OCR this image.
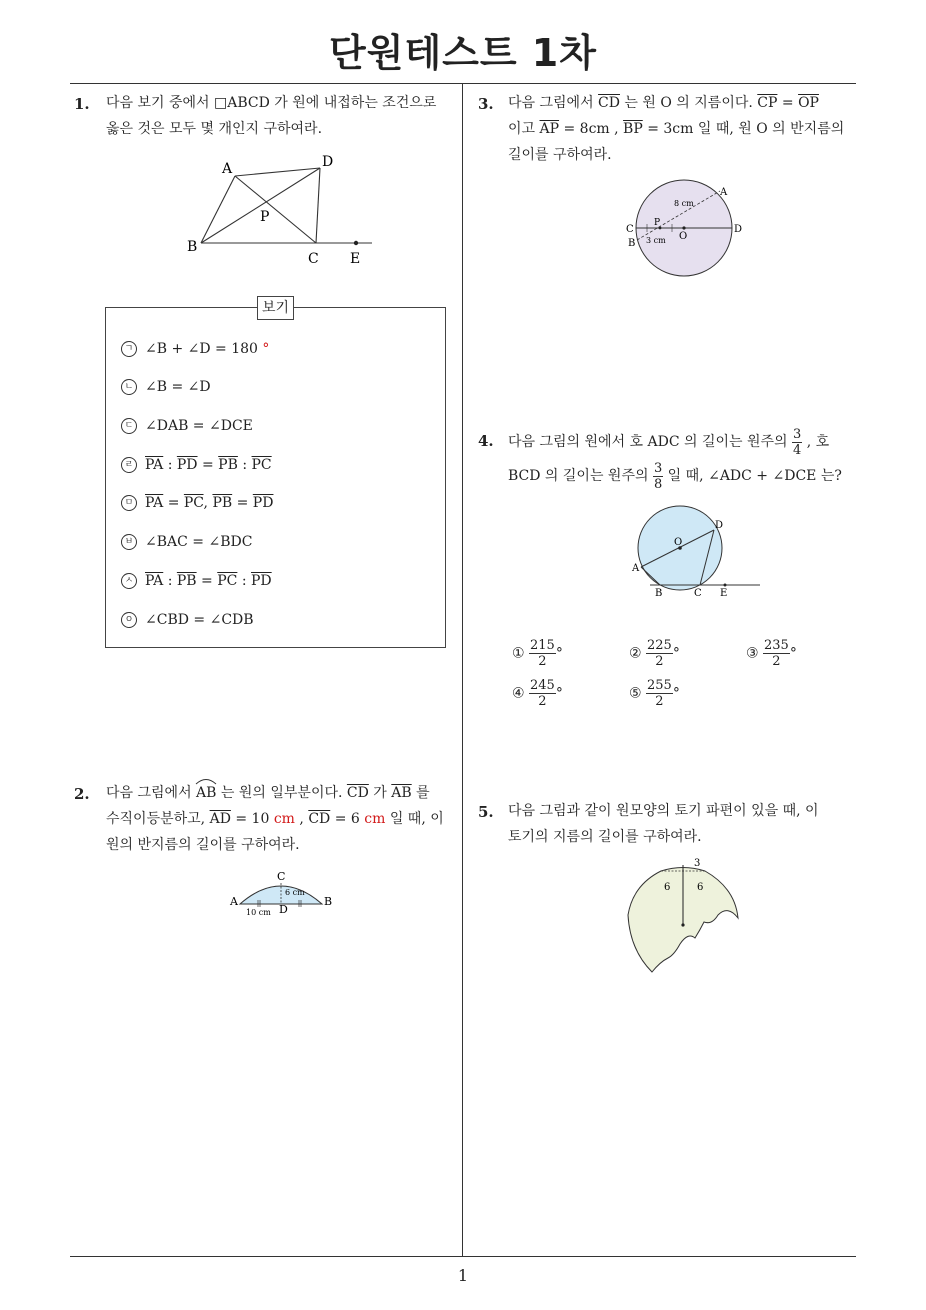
단원테스트 1차
1. 다음 보기 중에서 □ABCD 가 원에 내접하는 조건으로
옳은 것은 모두 몇 개인지 구하여라.
A	D
B
C E
P
보기
ㄱ ∠B + ∠D = 180 °
ㄴ ∠B = ∠D
ㄷ ∠DAB = ∠DCE
ㄹ $\overline{PA}$ : $\overline{PD} = \overline{PB}$ : $\overline{PC}$
ㅁ $\overline{PA} = \overline{PC}$, $\overline{PB} = \overline{PD}$
ㅂ ∠BAC = ∠BDC
ㅅ $\overline{PA}$ : $\overline{PB} = \overline{PC}$ : $\overline{PD}$
ㅇ ∠CBD = ∠CDB
2. 다음 그림에서 AB
는 원의 일부분이다. $\overline{CD}$ 가 $\overline{AB}$ 를
수직이등분하고, $\overline{AD} = 10$ cm , $\overline{CD} = 6$ cm 일 때, 이
원의 반지름의 길이를 구하여라.
A	B
C
D
6 cm
10 cm
3. 다음 그림에서 $\overline{CD}$ 는 원 O 의 지름이다. $\overline{CP} = \overline{OP}$
이고 $\overline{AP} = 8cm$ , $\overline{BP} = 3cm$ 일 때, 원 O 의 반지름의
길이를 구하여라.
A
B
C	D
O
P
8 cm
3 cm
4. 다음 그림의 원에서 호 ADC 의 길이는 원주의 $\frac{3}{4}$ , 호
BCD 의 길이는 원주의 $\frac{3}{8}$ 일 때, ∠ADC + ∠DCE 는?
D
A
B	C E
O
① $\frac{215}{2}$ °	② $\frac{225}{2}$ °	③ $\frac{235}{2}$ °
④ $\frac{245}{2}$ °	⑤ $\frac{255}{2}$ °
5. 다음 그림과 같이 원모양의 토기 파편이 있을 때, 이
토기의 지름의 길이를 구하여라.
3
6	6
1
